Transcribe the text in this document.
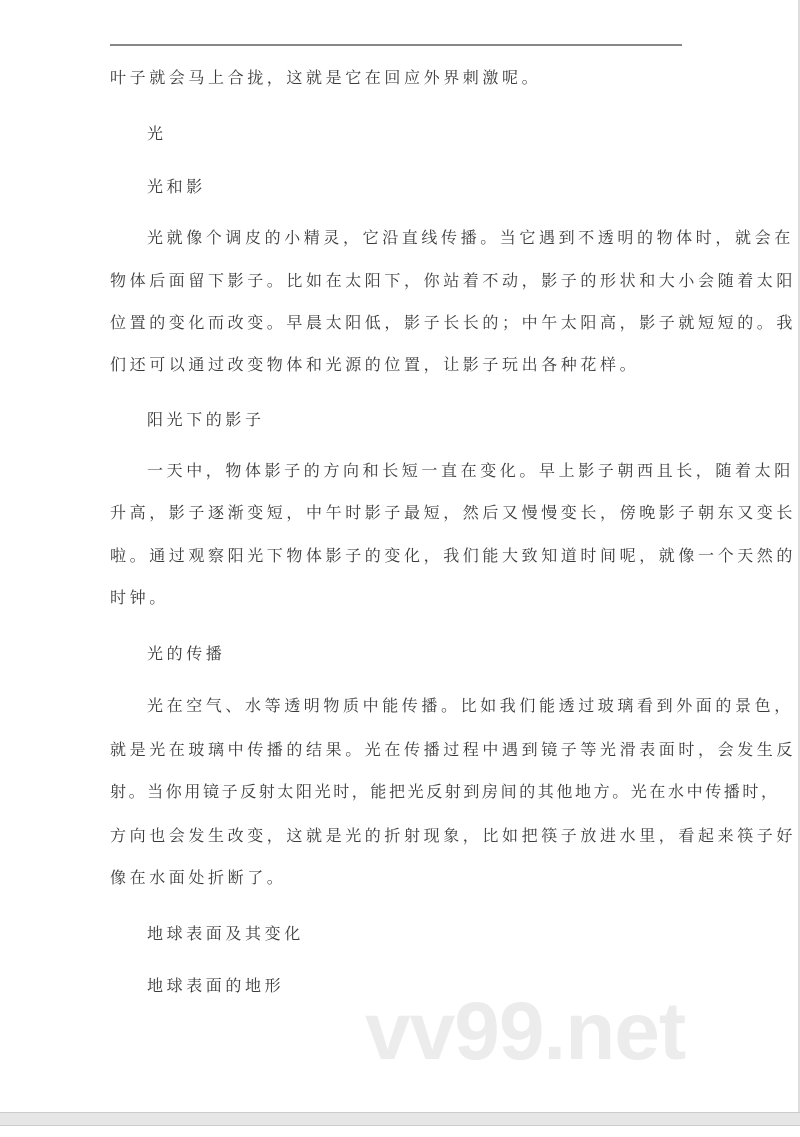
叶子就会马上合拢，这就是它在回应外界刺激呢。
光
光和影
光就像个调皮的小精灵，它沿直线传播。当它遇到不透明的物体时，就会在
物体后面留下影子。比如在太阳下，你站着不动，影子的形状和大小会随着太阳
位置的变化而改变。早晨太阳低，影子长长的；中午太阳高，影子就短短的。我
们还可以通过改变物体和光源的位置，让影子玩出各种花样。
阳光下的影子
一天中，物体影子的方向和长短一直在变化。早上影子朝西且长，随着太阳
升高，影子逐渐变短，中午时影子最短，然后又慢慢变长，傍晚影子朝东又变长
啦。通过观察阳光下物体影子的变化，我们能大致知道时间呢，就像一个天然的
时钟。
光的传播
光在空气、水等透明物质中能传播。比如我们能透过玻璃看到外面的景色，
就是光在玻璃中传播的结果。光在传播过程中遇到镜子等光滑表面时，会发生反
射。当你用镜子反射太阳光时，能把光反射到房间的其他地方。光在水中传播时，
方向也会发生改变，这就是光的折射现象，比如把筷子放进水里，看起来筷子好
像在水面处折断了。
地球表面及其变化
地球表面的地形
vv99.net
